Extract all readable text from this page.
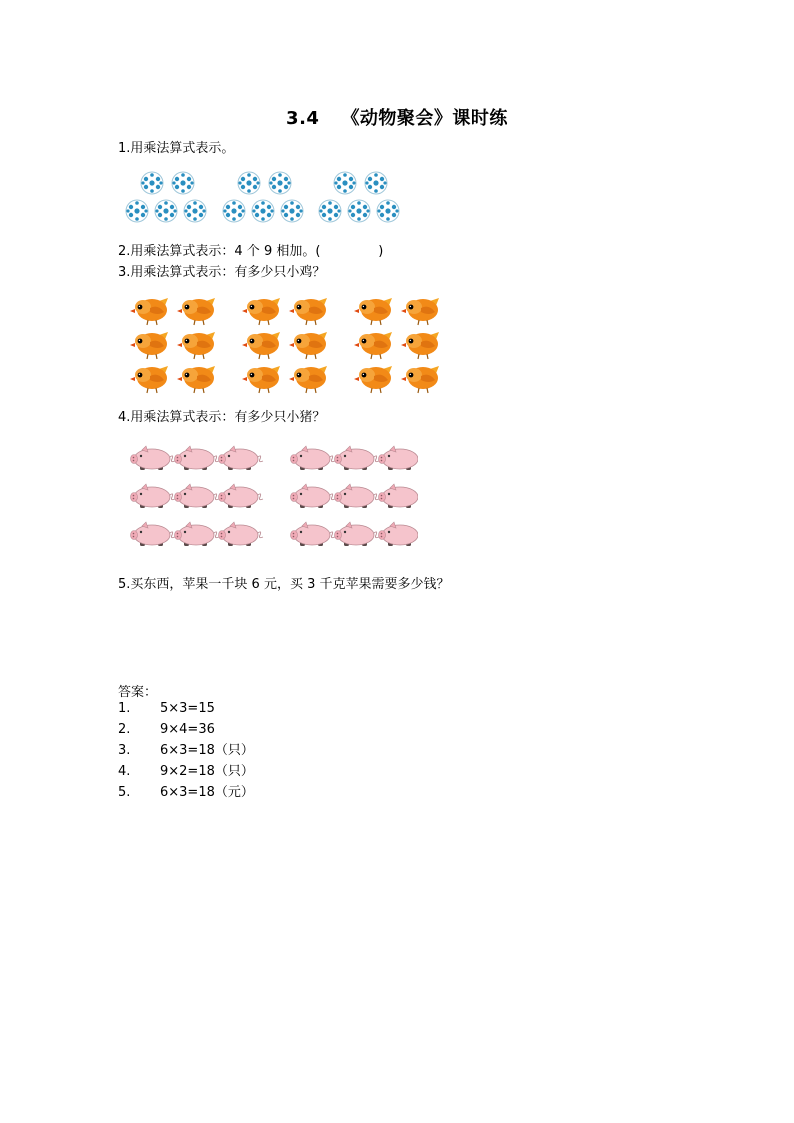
3.4 《动物聚会》课时练
1.用乘法算式表示。
2.用乘法算式表示：4 个 9 相加。(              )
3.用乘法算式表示：有多少只小鸡？
4.用乘法算式表示：有多少只小猪？
5.买东西，苹果一千块 6 元，买 3 千克苹果需要多少钱？
答案：
1. 5×3=15
2. 9×4=36
3. 6×3=18（只）
4. 9×2=18（只）
5. 6×3=18（元）
